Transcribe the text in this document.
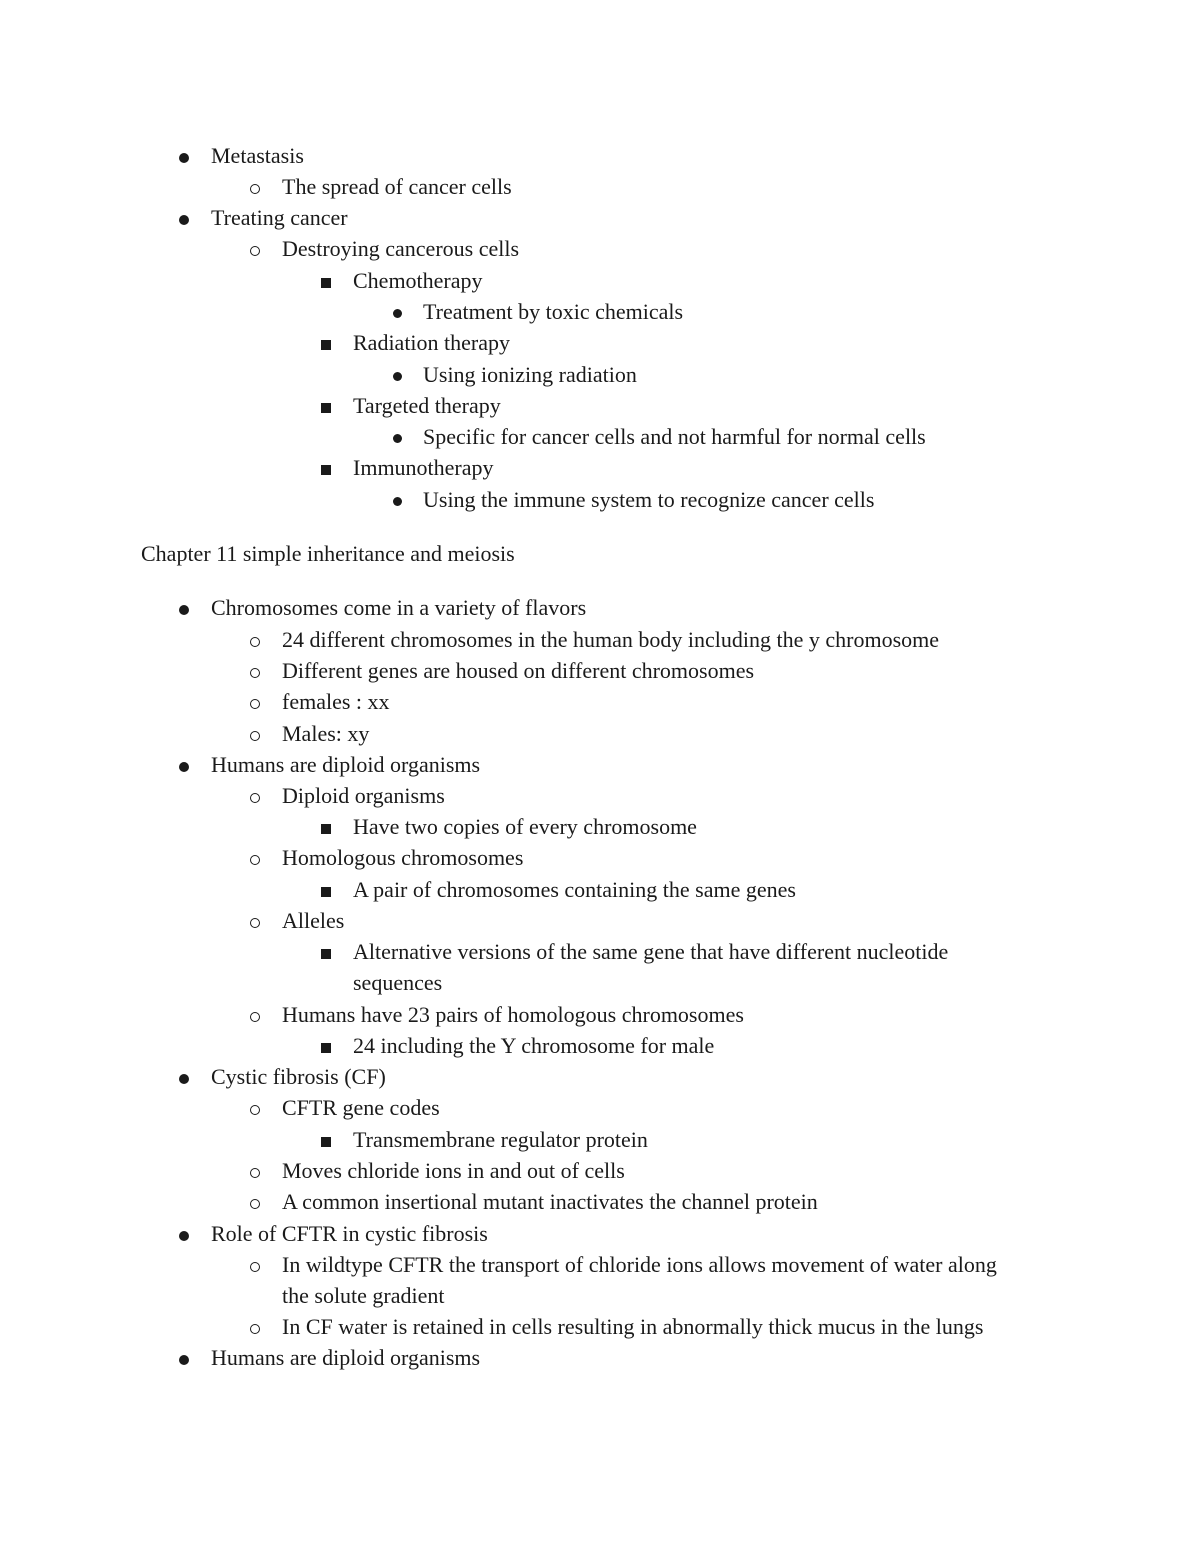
Metastasis
The spread of cancer cells
Treating cancer
Destroying cancerous cells
Chemotherapy
Treatment by toxic chemicals
Radiation therapy
Using ionizing radiation
Targeted therapy
Specific for cancer cells and not harmful for normal cells
Immunotherapy
Using the immune system to recognize cancer cells
Chapter 11 simple inheritance and meiosis
Chromosomes come in a variety of flavors
24 different chromosomes in the human body including the y chromosome
Different genes are housed on different chromosomes
females : xx
Males: xy
Humans are diploid organisms
Diploid organisms
Have two copies of every chromosome
Homologous chromosomes
A pair of chromosomes containing the same genes
Alleles
Alternative versions of the same gene that have different nucleotide
sequences
Humans have 23 pairs of homologous chromosomes
24 including the Y chromosome for male
Cystic fibrosis (CF)
CFTR gene codes
Transmembrane regulator protein
Moves chloride ions in and out of cells
A common insertional mutant inactivates the channel protein
Role of CFTR in cystic fibrosis
In wildtype CFTR the transport of chloride ions allows movement of water along
the solute gradient
In CF water is retained in cells resulting in abnormally thick mucus in the lungs
Humans are diploid organisms
